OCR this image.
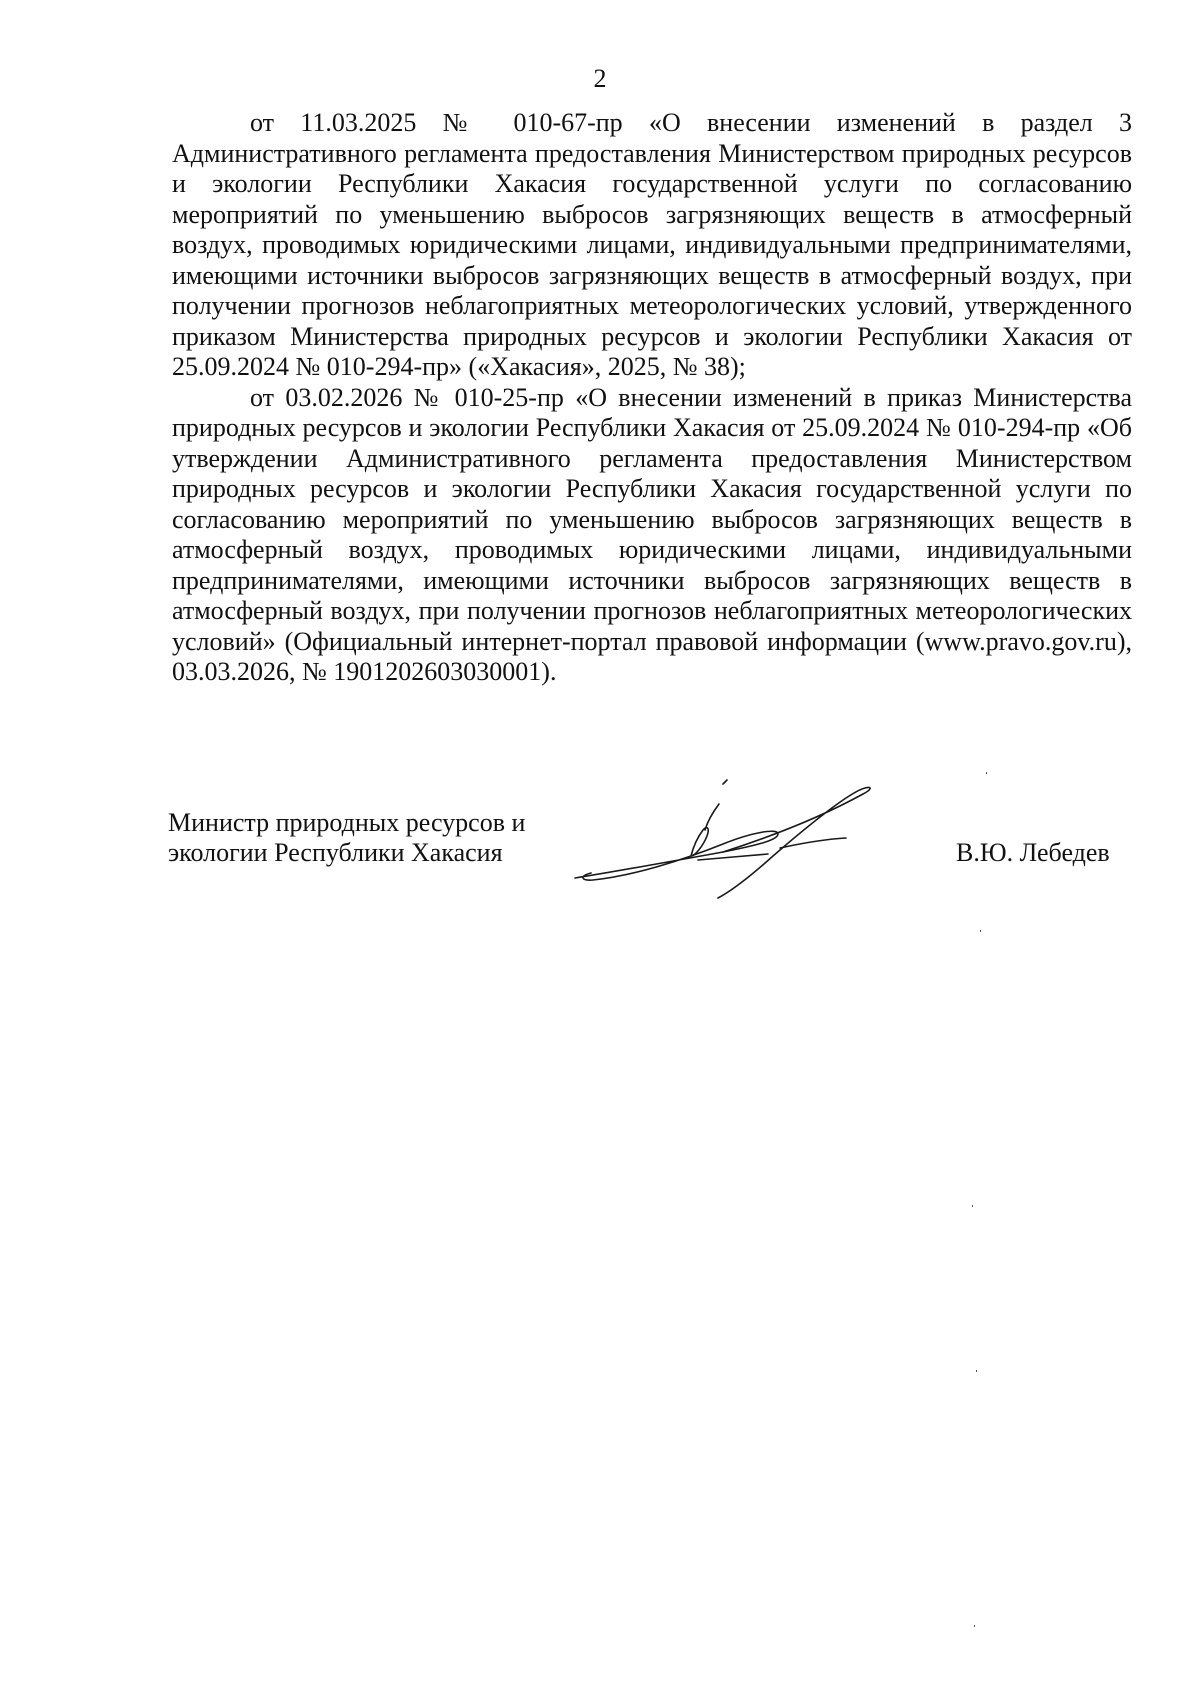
2

от 11.03.2025 № 010-67-пр «О внесении изменений в раздел 3 Административного регламента предоставления Министерством природных ресурсов и экологии Республики Хакасия государственной услуги по согласованию мероприятий по уменьшению выбросов загрязняющих веществ в атмосферный воздух, проводимых юридическими лицами, индивидуальными предпринимателями, имеющими источники выбросов загрязняющих веществ в атмосферный воздух, при получении прогнозов неблагоприятных метеорологических условий, утвержденного приказом Министерства природных ресурсов и экологии Республики Хакасия от 25.09.2024 № 010-294-пр» («Хакасия», 2025, № 38);

от 03.02.2026 № 010-25-пр «О внесении изменений в приказ Министерства природных ресурсов и экологии Республики Хакасия от 25.09.2024 № 010-294-пр «Об утверждении Административного регламента предоставления Министерством природных ресурсов и экологии Республики Хакасия государственной услуги по согласованию мероприятий по уменьшению выбросов загрязняющих веществ в атмосферный воздух, проводимых юридическими лицами, индивидуальными предпринимателями, имеющими источники выбросов загрязняющих веществ в атмосферный воздух, при получении прогнозов неблагоприятных метеорологических условий» (Официальный интернет-портал правовой информации (www.pravo.gov.ru), 03.03.2026, № 1901202603030001).

Министр природных ресурсов и
экологии Республики Хакасия	В.Ю. Лебедев
